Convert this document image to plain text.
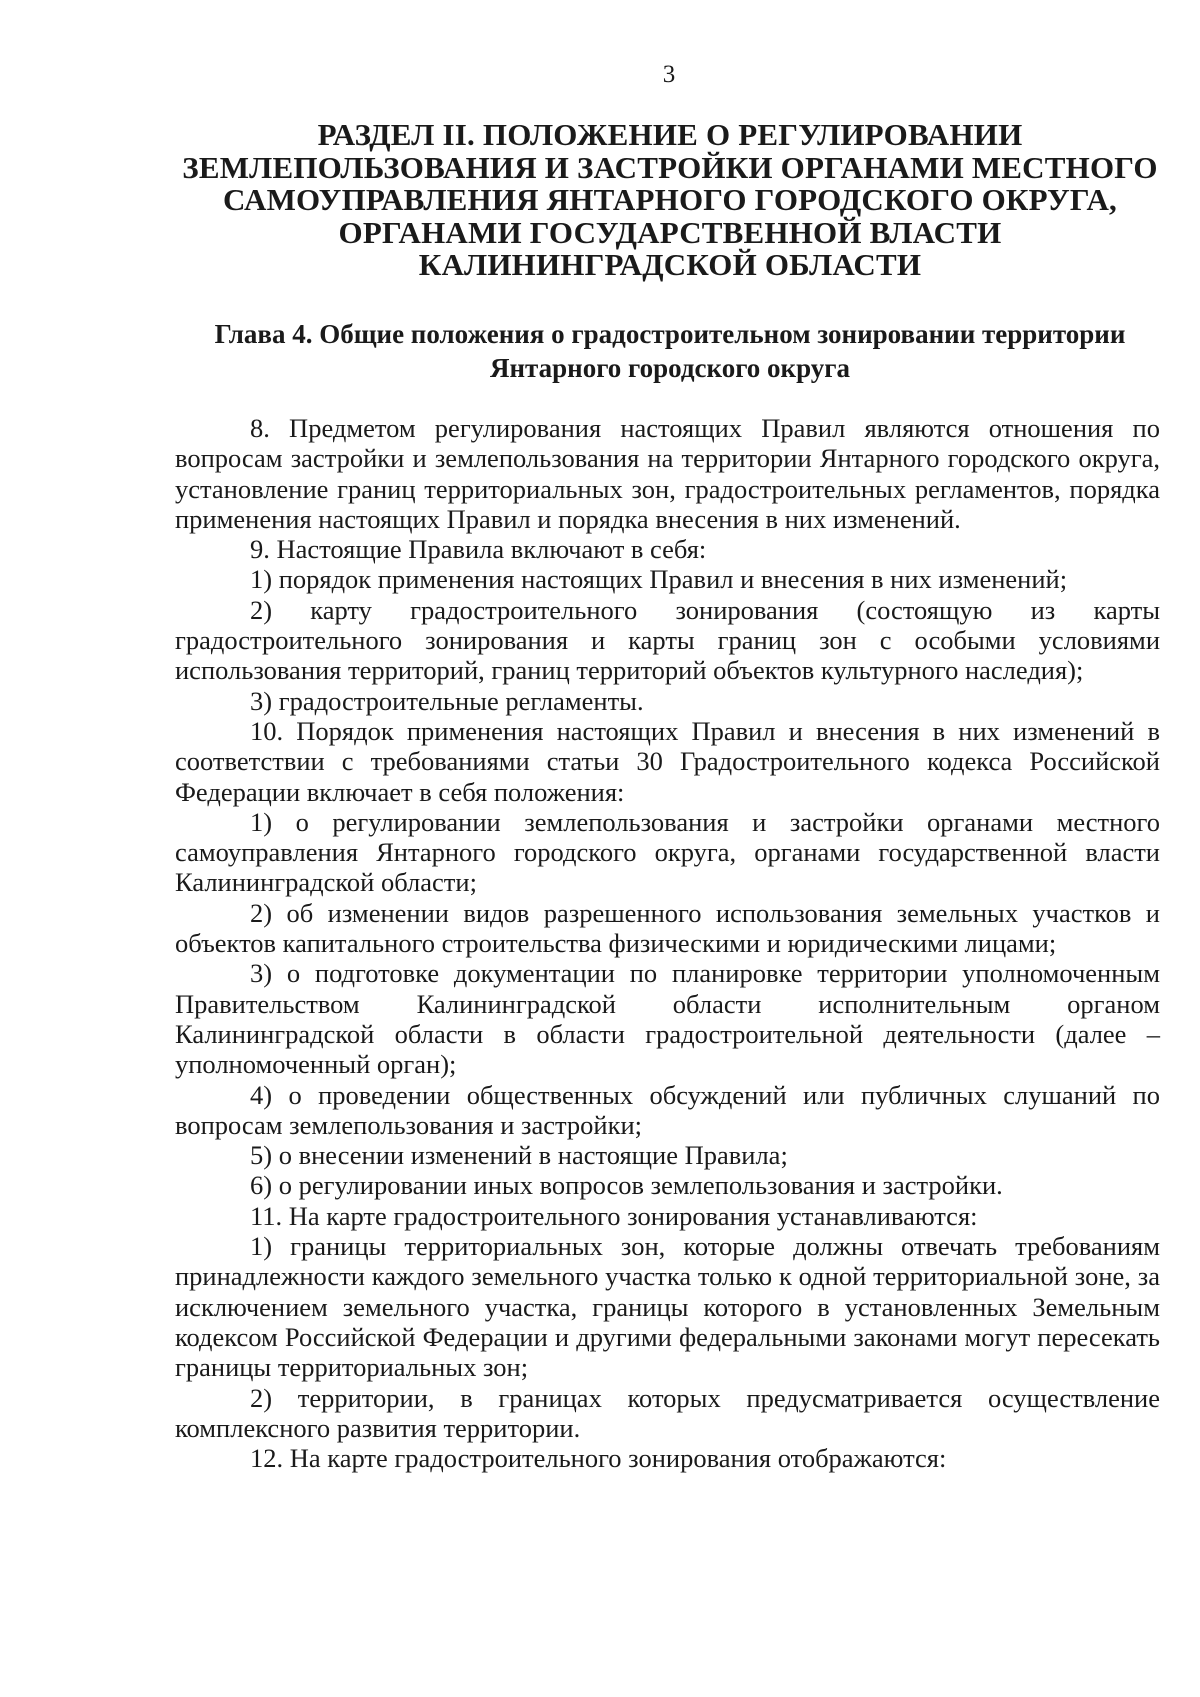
3
РАЗДЕЛ II. ПОЛОЖЕНИЕ О РЕГУЛИРОВАНИИ
ЗЕМЛЕПОЛЬЗОВАНИЯ И ЗАСТРОЙКИ ОРГАНАМИ МЕСТНОГО
САМОУПРАВЛЕНИЯ ЯНТАРНОГО ГОРОДСКОГО ОКРУГА,
ОРГАНАМИ ГОСУДАРСТВЕННОЙ ВЛАСТИ
КАЛИНИНГРАДСКОЙ ОБЛАСТИ
Глава 4. Общие положения о градостроительном зонировании территории
Янтарного городского округа

8. Предметом регулирования настоящих Правил являются отношения по вопросам застройки и землепользования на территории Янтарного городского округа, установление границ территориальных зон, градостроительных регламентов, порядка применения настоящих Правил и порядка внесения в них изменений.

9. Настоящие Правила включают в себя:

1) порядок применения настоящих Правил и внесения в них изменений;

2) карту градостроительного зонирования (состоящую из карты градостроительного зонирования и карты границ зон с особыми условиями использования территорий, границ территорий объектов культурного наследия);

3) градостроительные регламенты.

10. Порядок применения настоящих Правил и внесения в них изменений в соответствии с требованиями статьи 30 Градостроительного кодекса Российской Федерации включает в себя положения:

1) о регулировании землепользования и застройки органами местного самоуправления Янтарного городского округа, органами государственной власти Калининградской области;

2) об изменении видов разрешенного использования земельных участков и объектов капитального строительства физическими и юридическими лицами;

3) о подготовке документации по планировке территории уполномоченным Правительством Калининградской области исполнительным органом Калининградской области в области градостроительной деятельности (далее – уполномоченный орган);

4) о проведении общественных обсуждений или публичных слушаний по вопросам землепользования и застройки;

5) о внесении изменений в настоящие Правила;

6) о регулировании иных вопросов землепользования и застройки.

11. На карте градостроительного зонирования устанавливаются:

1) границы территориальных зон, которые должны отвечать требованиям принадлежности каждого земельного участка только к одной территориальной зоне, за исключением земельного участка, границы которого в установленных Земельным кодексом Российской Федерации и другими федеральными законами могут пересекать границы территориальных зон;

2) территории, в границах которых предусматривается осуществление комплексного развития территории.

12. На карте градостроительного зонирования отображаются:
